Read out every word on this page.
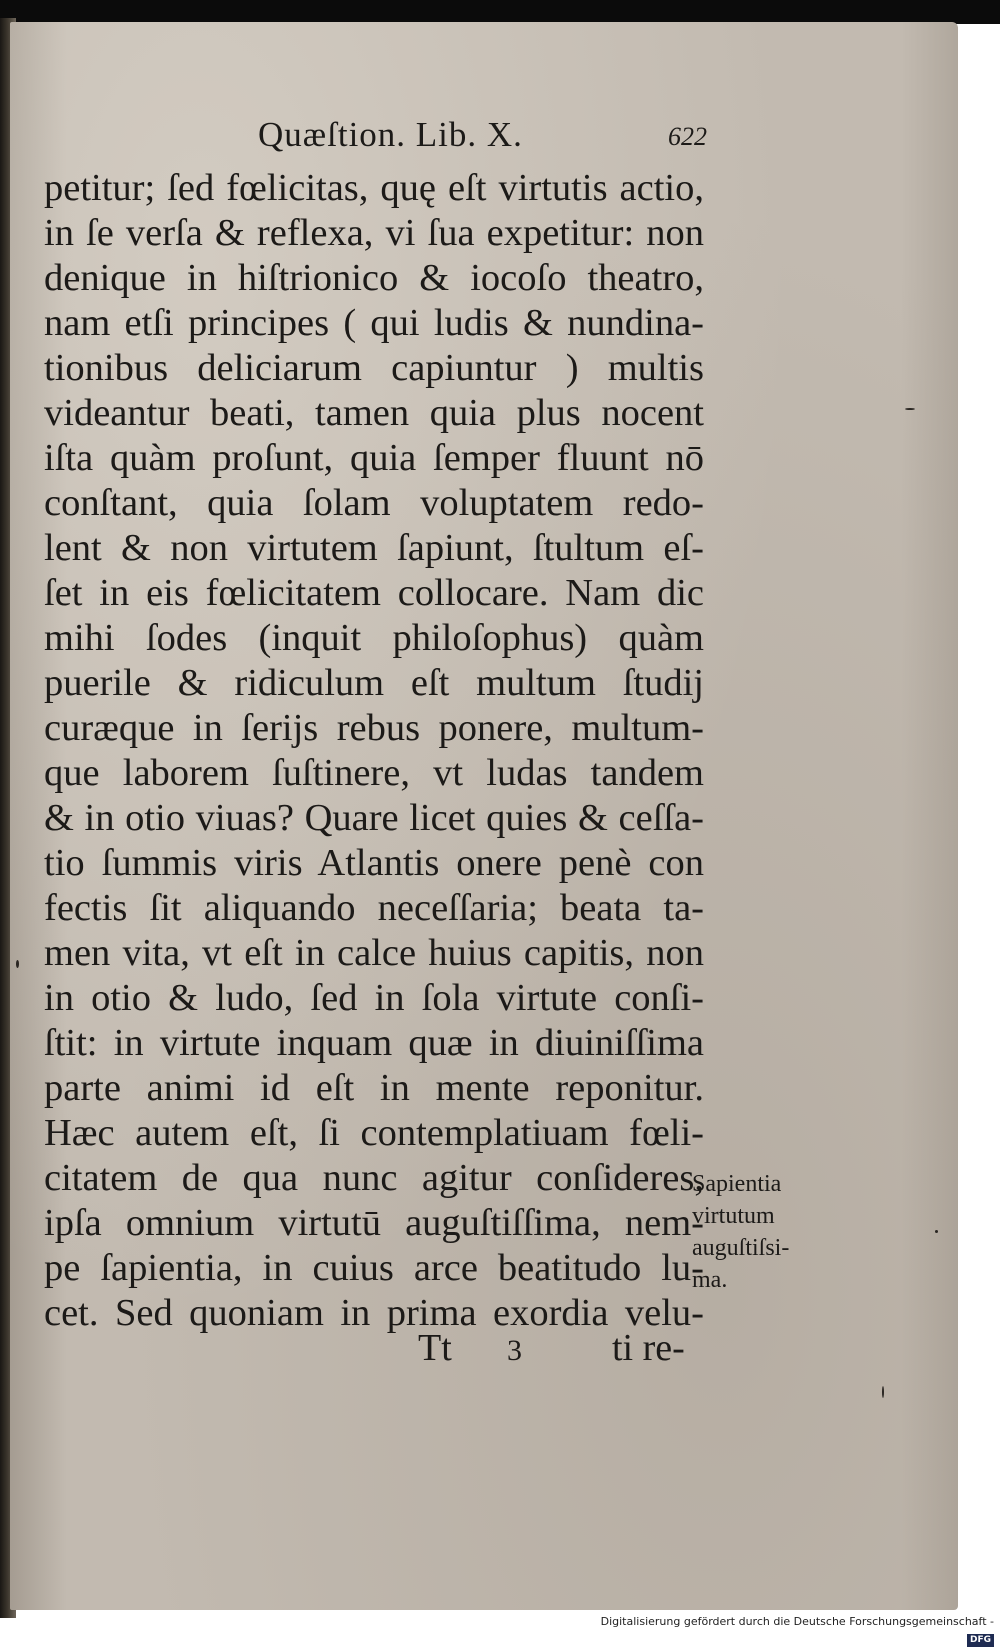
Quæſtion. Lib. X.	622
petitur; ſed fœlicitas, quę eſt virtutis actio,
in ſe verſa & reflexa, vi ſua expetitur: non
denique in hiſtrionico & iocoſo theatro,
nam etſi principes ( qui ludis & nundina-
tionibus deliciarum capiuntur ) multis
videantur beati, tamen quia plus nocent
iſta quàm proſunt, quia ſemper fluunt nō
conſtant, quia ſolam voluptatem redo-
lent & non virtutem ſapiunt, ſtultum eſ-
ſet in eis fœlicitatem collocare. Nam dic
mihi ſodes (inquit philoſophus) quàm
puerile & ridiculum eſt multum ſtudij
curæque in ſerijs rebus ponere, multum-
que laborem ſuſtinere, vt ludas tandem
& in otio viuas? Quare licet quies & ceſſa-
tio ſummis viris Atlantis onere penè con
fectis ſit aliquando neceſſaria; beata ta-
men vita, vt eſt in calce huius capitis, non
in otio & ludo, ſed in ſola virtute conſi-
ſtit: in virtute inquam quæ in diuiniſſima
parte animi id eſt in mente reponitur.
Hæc autem eſt, ſi contemplatiuam fœli-
citatem de qua nunc agitur conſideres,
ipſa omnium virtutū auguſtiſſima, nem-
pe ſapientia, in cuius arce beatitudo lu-
cet. Sed quoniam in prima exordia velu-
Sapientia
virtutum
auguſtiſsi-
ma.
Tt 3 ti re-
Digitalisierung gefördert durch die Deutsche Forschungsgemeinschaft - DFG
